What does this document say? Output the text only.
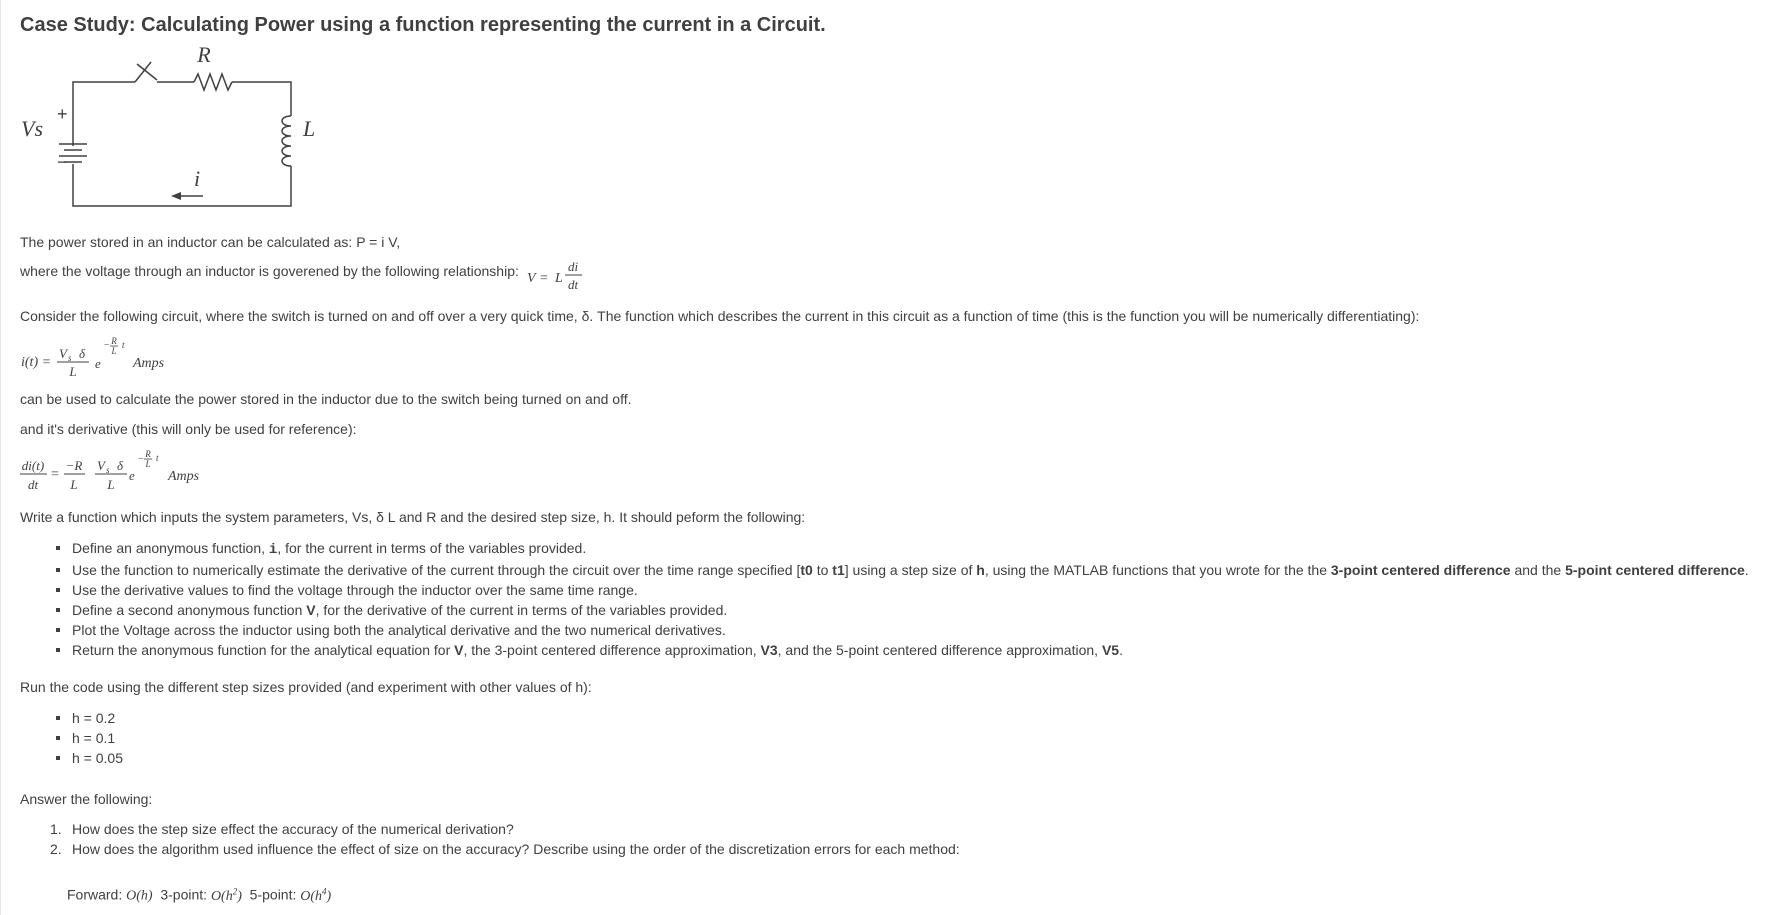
Case Study: Calculating Power using a function representing the current in a Circuit.
R
Vs	L
i
+
−

The power stored in an inductor can be calculated as: P = i V,

where the voltage through an inductor is goverened by the following relationship: V = L
di
dt

Consider the following circuit, where the switch is turned on and off over a very quick time, δ. The function which describes the current in this circuit as a function of time (this is the function you will be numerically differentiating):

i(t) =
V s δ
L
e
− R
L
t
Amps

can be used to calculate the power stored in the inductor due to the switch being turned on and off.

and it's derivative (this will only be used for reference):

di(t)
dt
=
−R
L
V s δ
L
e
− R
L
t
Amps

Write a function which inputs the system parameters, Vs, δ L and R and the desired step size, h. It should peform the following:

Define an anonymous function, i, for the current in terms of the variables provided.
Use the function to numerically estimate the derivative of the current through the circuit over the time range specified [t0 to t1] using a step size of h, using the MATLAB functions that you wrote for the the 3-point centered difference and the 5-point centered difference.
Use the derivative values to find the voltage through the inductor over the same time range.
Define a second anonymous function V, for the derivative of the current in terms of the variables provided.
Plot the Voltage across the inductor using both the analytical derivative and the two numerical derivatives.
Return the anonymous function for the analytical equation for V, the 3-point centered difference approximation, V3, and the 5-point centered difference approximation, V5.

Run the code using the different step sizes provided (and experiment with other values of h):

h = 0.2
h = 0.1
h = 0.05

Answer the following:

1. How does the step size effect the accuracy of the numerical derivation?
2. How does the algorithm used influence the effect of size on the accuracy? Describe using the order of the discretization errors for each method:
Forward: O(h) 3-point: $O(h^2)$ 5-point: $O(h^4)$
